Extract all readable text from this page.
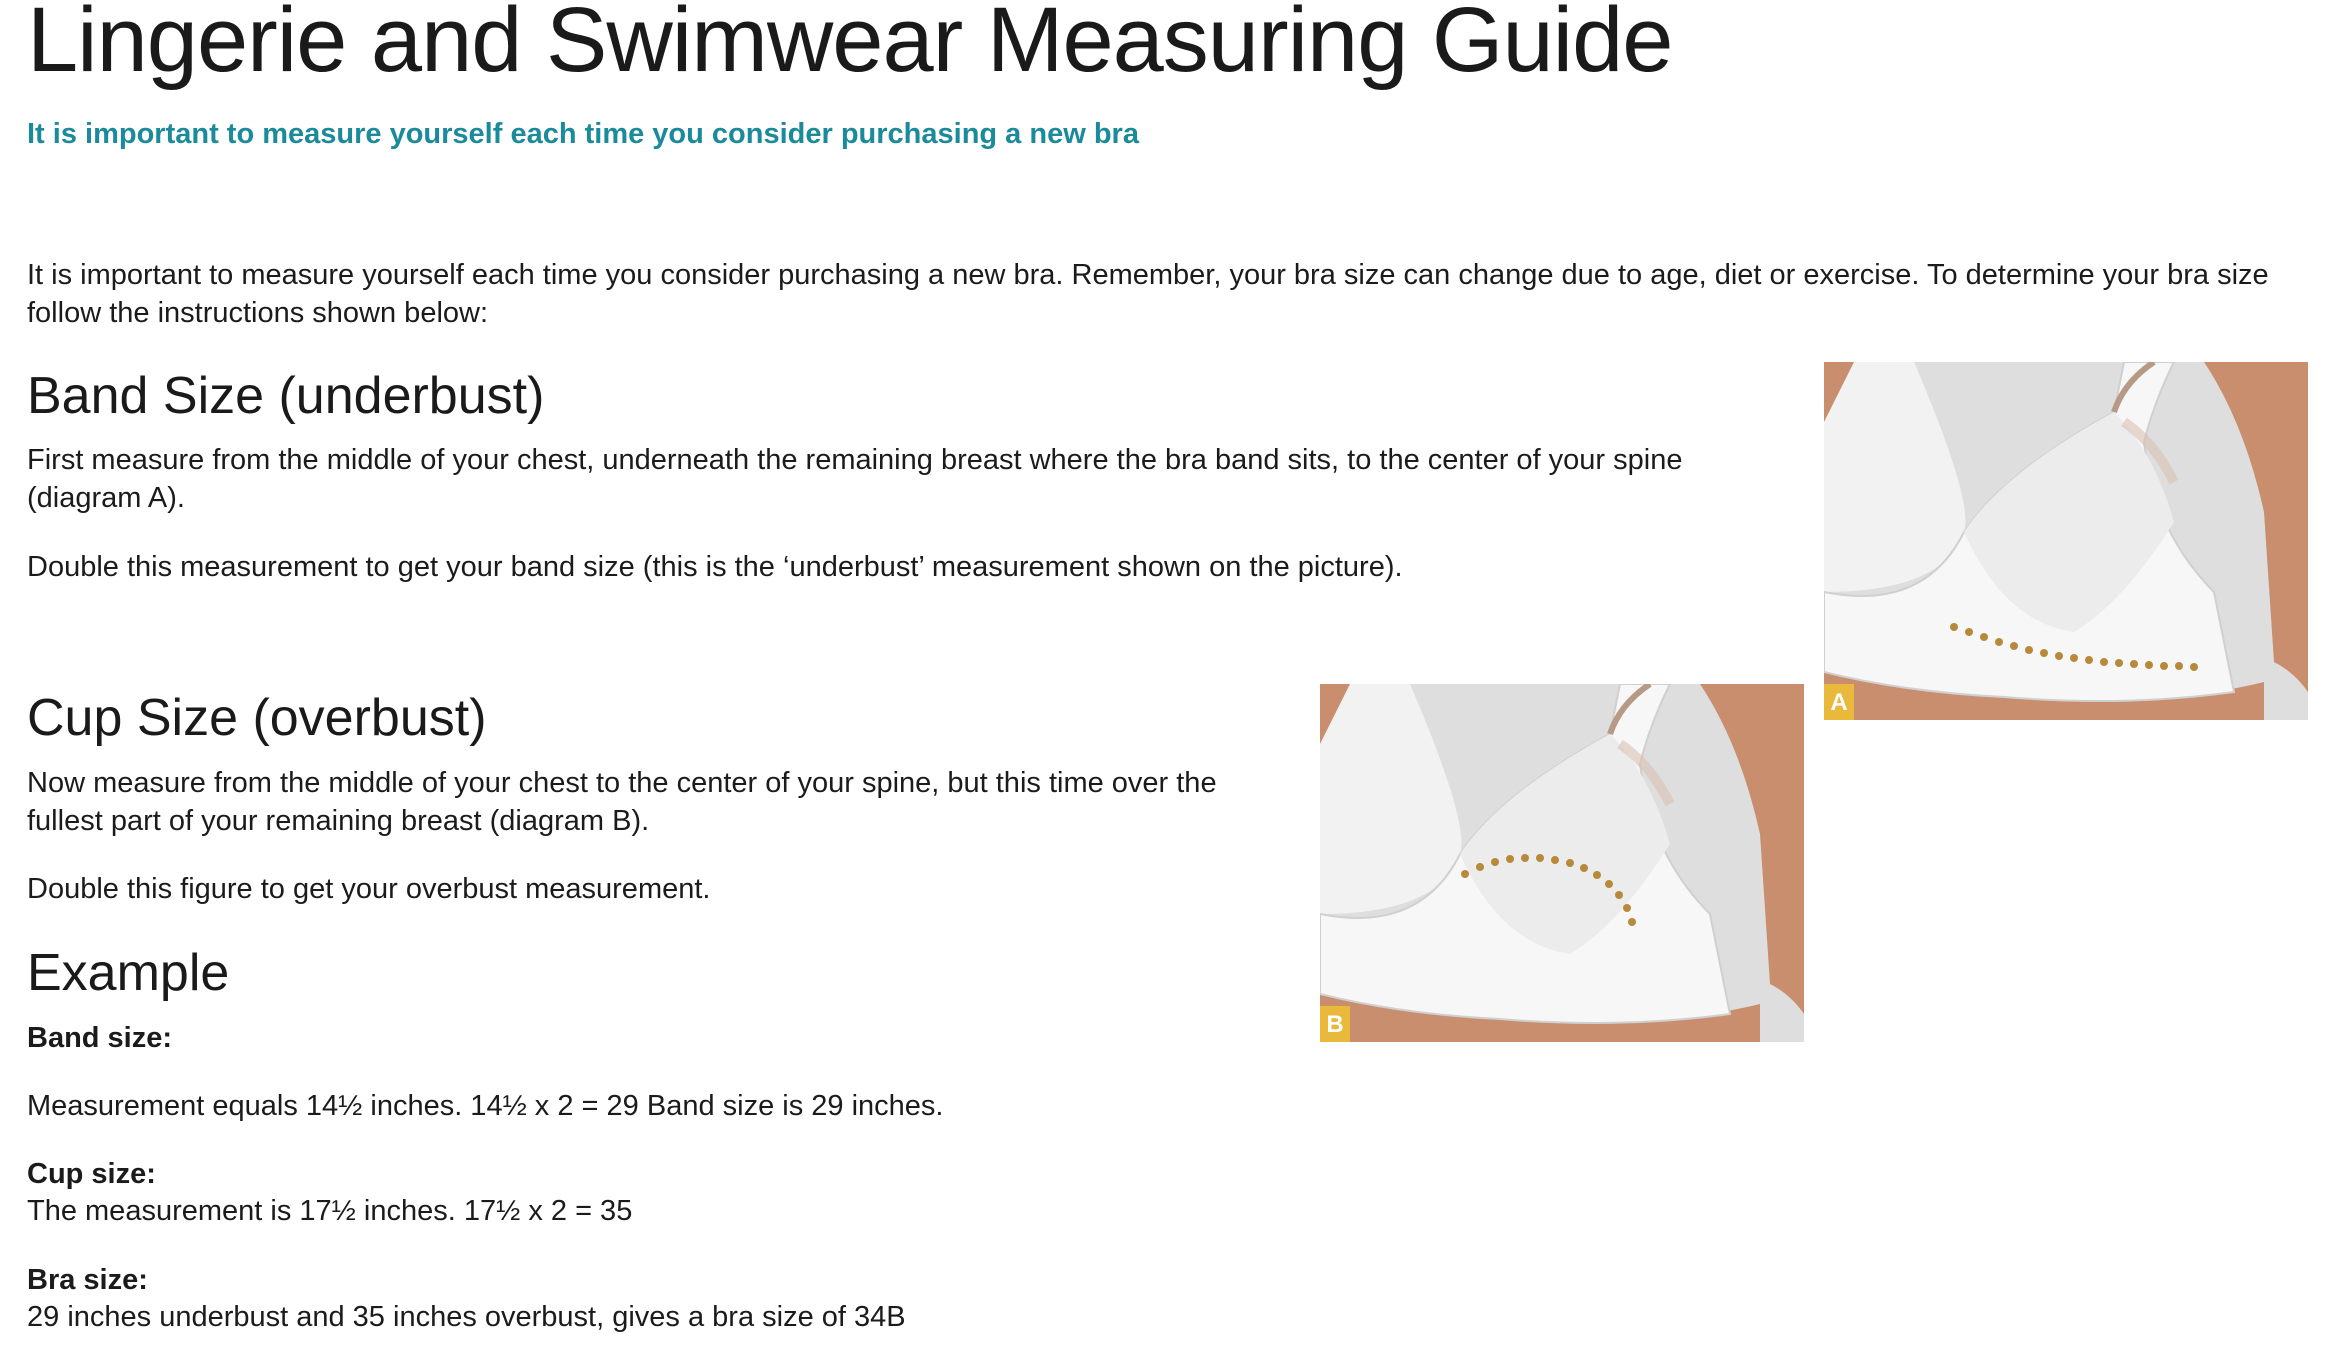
Lingerie and Swimwear Measuring Guide
It is important to measure yourself each time you consider purchasing a new bra
It is important to measure yourself each time you consider purchasing a new bra. Remember, your bra size can change due to age, diet or exercise. To determine your bra size follow the instructions shown below:
Band Size (underbust)
First measure from the middle of your chest, underneath the remaining breast where the bra band sits, to the center of your spine (diagram A).
Double this measurement to get your band size (this is the ‘underbust’ measurement shown on the picture).
A
Cup Size (overbust)
Now measure from the middle of your chest to the center of your spine, but this time over the fullest part of your remaining breast (diagram B).
Double this figure to get your overbust measurement.
B
Example
Band size:
Measurement equals 14½ inches. 14½ x 2 = 29 Band size is 29 inches.
Cup size:
The measurement is 17½ inches. 17½ x 2 = 35
Bra size:
29 inches underbust and 35 inches overbust, gives a bra size of 34B
